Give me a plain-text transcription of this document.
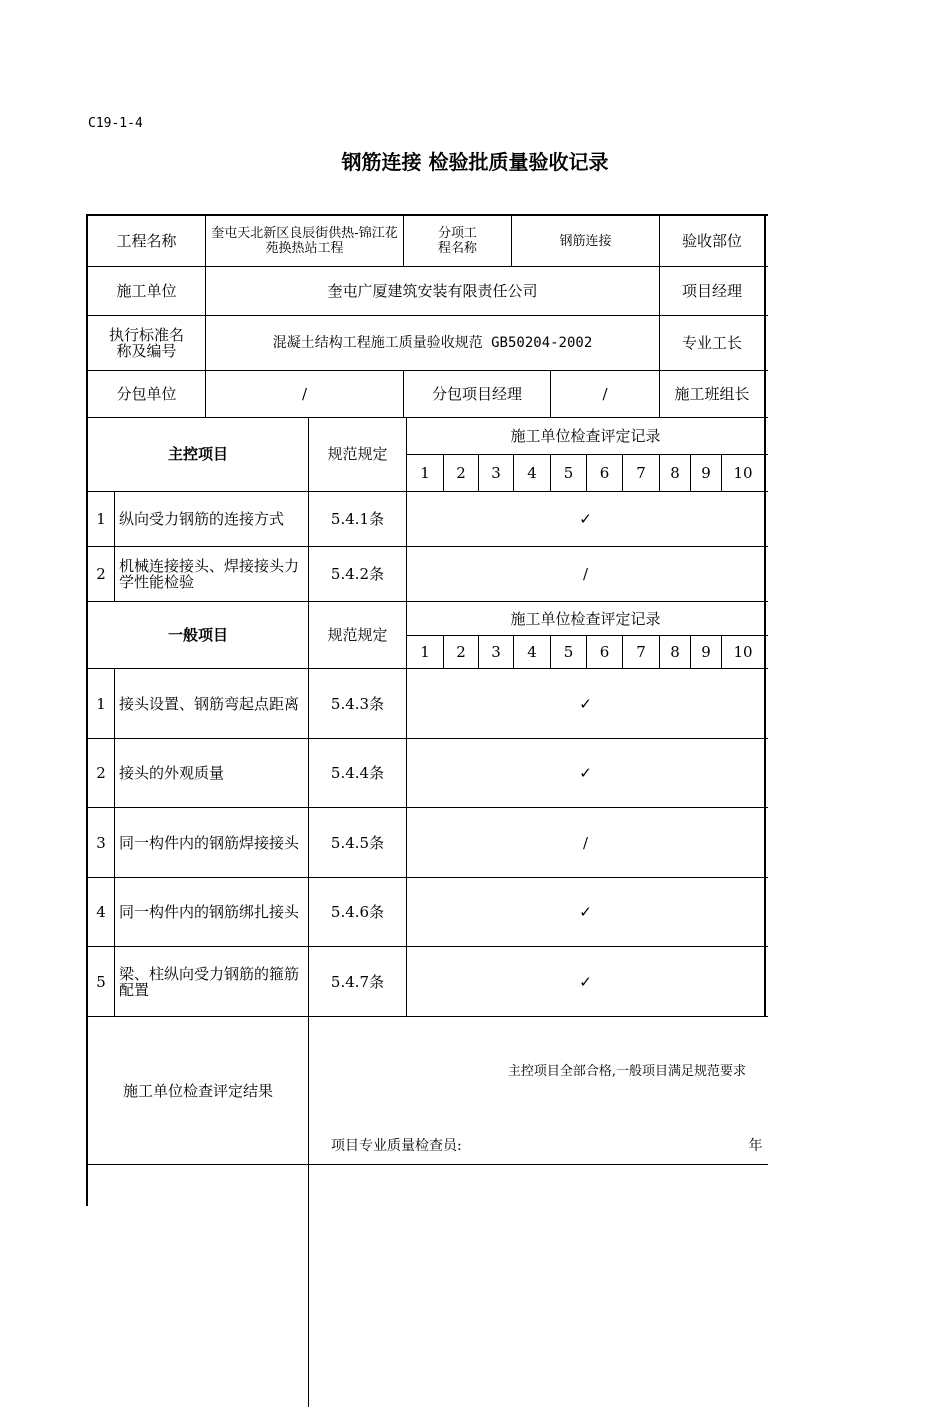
C19-1-4
钢筋连接 检验批质量验收记录
工程名称	奎屯天北新区良辰街供热-锦江花苑换热站工程
分项工程名称	钢筋连接	验收部位
施工单位	奎屯广厦建筑安装有限责任公司	项目经理
执行标准名称及编号	混凝土结构工程施工质量验收规范 GB50204-2002	专业工长
分包单位	/	分包项目经理	/	施工班组长
主控项目	规范规定
施工单位检查评定记录
1	2	3	4	5	6	7	8	9	10
1 纵向受力钢筋的连接方式	5.4.1条	✓
2 机械连接接头、焊接接头力学性能检验	5.4.2条	/
一般项目	规范规定
施工单位检查评定记录
1	2	3	4	5	6	7	8	9	10
1 接头设置、钢筋弯起点距离	5.4.3条	✓
2 接头的外观质量	5.4.4条	✓
3 同一构件内的钢筋焊接接头	5.4.5条	/
4 同一构件内的钢筋绑扎接头	5.4.6条	✓
5 梁、柱纵向受力钢筋的箍筋配置	5.4.7条	✓
施工单位检查评定结果
主控项目全部合格,一般项目满足规范要求
项目专业质量检查员:	年
